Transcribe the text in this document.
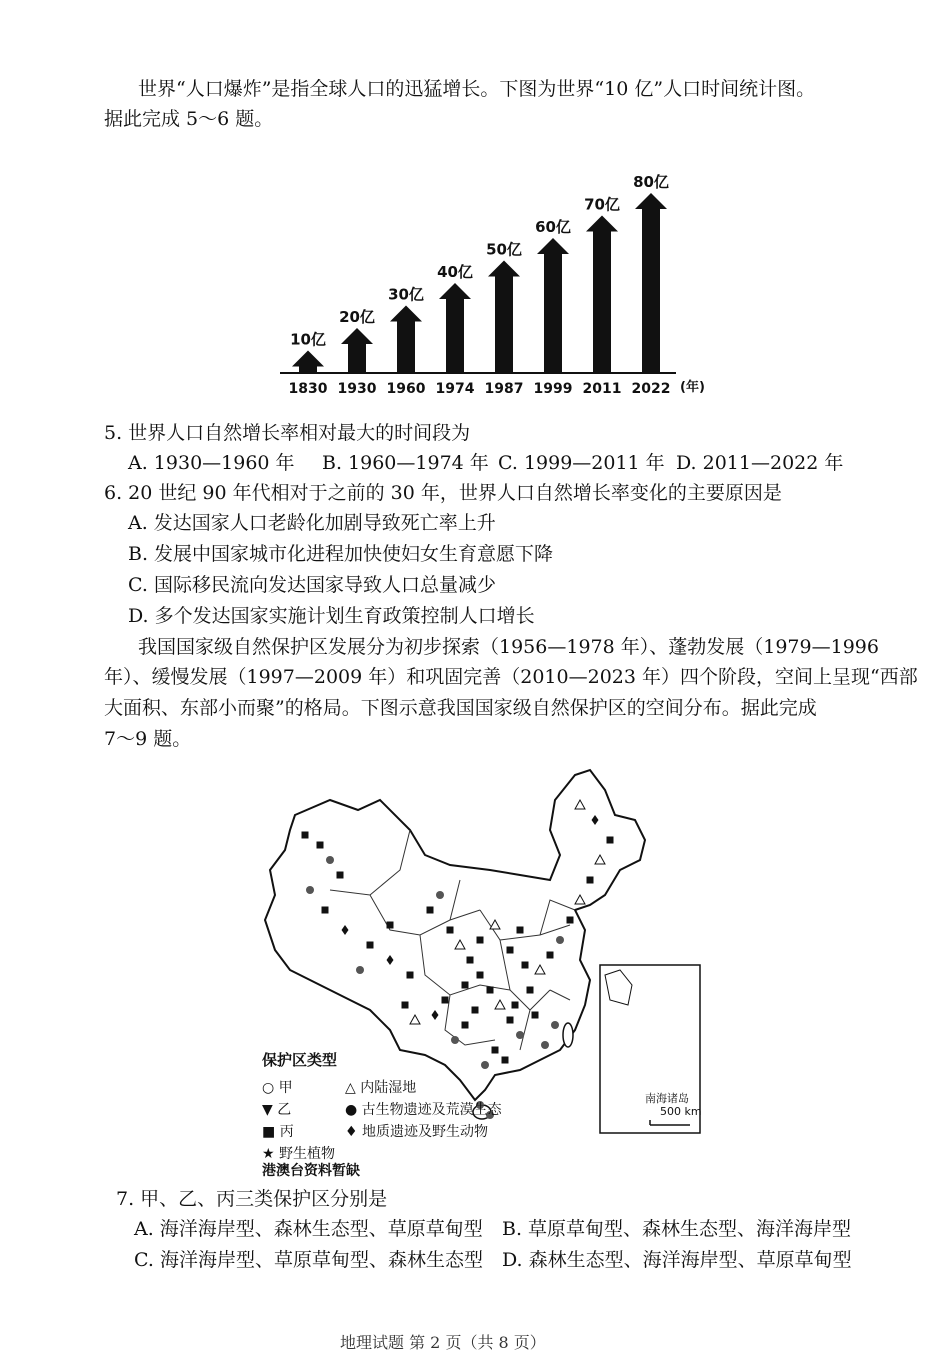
世界“人口爆炸”是指全球人口的迅猛增长。下图为世界“10 亿”人口时间统计图。
据此完成 5～6 题。
10亿
1830
20亿
1930
30亿
1960
40亿
1974
50亿
1987
60亿
1999
70亿
2011
80亿
2022 (年)
5. 世界人口自然增长率相对最大的时间段为
A. 1930—1960 年 B. 1960—1974 年 C. 1999—2011 年 D. 2011—2022 年
6. 20 世纪 90 年代相对于之前的 30 年，世界人口自然增长率变化的主要原因是
A. 发达国家人口老龄化加剧导致死亡率上升
B. 发展中国家城市化进程加快使妇女生育意愿下降
C. 国际移民流向发达国家导致人口总量减少
D. 多个发达国家实施计划生育政策控制人口增长
我国国家级自然保护区发展分为初步探索（1956—1978 年）、蓬勃发展（1979—1996
年）、缓慢发展（1997—2009 年）和巩固完善（2010—2023 年）四个阶段，空间上呈现“西部
大面积、东部小而聚”的格局。下图示意我国国家级自然保护区的空间分布。据此完成
7～9 题。
南海诸岛
500 km
保护区类型
○ 甲	△ 内陆湿地
▼ 乙	● 古生物遗迹及荒漠生态
■ 丙	♦ 地质遗迹及野生动物
★ 野生植物
港澳台资料暂缺
7. 甲、乙、丙三类保护区分别是
A. 海洋海岸型、森林生态型、草原草甸型 B. 草原草甸型、森林生态型、海洋海岸型
C. 海洋海岸型、草原草甸型、森林生态型 D. 森林生态型、海洋海岸型、草原草甸型
地理试题 第 2 页（共 8 页）
